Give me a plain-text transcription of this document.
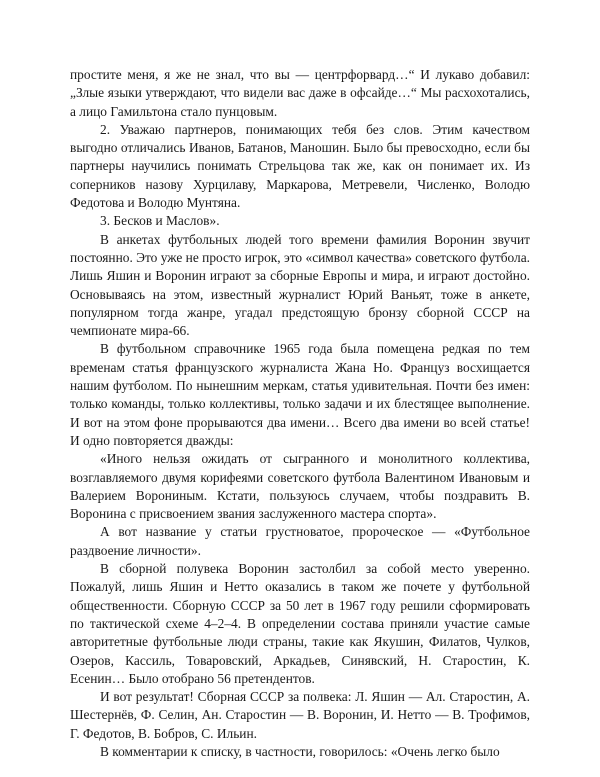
простите меня, я же не знал, что вы — центрфорвард…“ И лукаво добавил: „Злые языки утверждают, что видели вас даже в офсайде…“ Мы расхохотались, а лицо Гамильтона стало пунцовым.

2. Уважаю партнеров, понимающих тебя без слов. Этим качеством выгодно отличались Иванов, Батанов, Маношин. Было бы превосходно, если бы партнеры научились понимать Стрельцова так же, как он понимает их. Из соперников назову Хурцилаву, Маркарова, Метревели, Численко, Володю Федотова и Володю Мунтяна.

3. Бесков и Маслов».

В анкетах футбольных людей того времени фамилия Воронин звучит постоянно. Это уже не просто игрок, это «символ качества» советского футбола. Лишь Яшин и Воронин играют за сборные Европы и мира, и играют достойно. Основываясь на этом, известный журналист Юрий Ваньят, тоже в анкете, популярном тогда жанре, угадал предстоящую бронзу сборной СССР на чемпионате мира-66.

В футбольном справочнике 1965 года была помещена редкая по тем временам статья французского журналиста Жана Но. Француз восхищается нашим футболом. По нынешним меркам, статья удивительная. Почти без имен: только команды, только коллективы, только задачи и их блестящее выполнение. И вот на этом фоне прорываются два имени… Всего два имени во всей статье! И одно повторяется дважды:

«Иного нельзя ожидать от сыгранного и монолитного коллектива, возглавляемого двумя корифеями советского футбола Валентином Ивановым и Валерием Ворониным. Кстати, пользуюсь случаем, чтобы поздравить В. Воронина с присвоением звания заслуженного мастера спорта».

А вот название у статьи грустноватое, пророческое — «Футбольное раздвоение личности».

В сборной полувека Воронин застолбил за собой место уверенно. Пожалуй, лишь Яшин и Нетто оказались в таком же почете у футбольной общественности. Сборную СССР за 50 лет в 1967 году решили сформировать по тактической схеме 4–2–4. В определении состава приняли участие самые авторитетные футбольные люди страны, такие как Якушин, Филатов, Чулков, Озеров, Кассиль, Товаровский, Аркадьев, Синявский, Н. Старостин, К. Есенин… Было отобрано 56 претендентов.

И вот результат! Сборная СССР за полвека: Л. Яшин — Ал. Старостин, А. Шестернёв, Ф. Селин, Ан. Старостин — В. Воронин, И. Нетто — В. Трофимов, Г. Федотов, В. Бобров, С. Ильин.

В комментарии к списку, в частности, говорилось: «Очень легко было
